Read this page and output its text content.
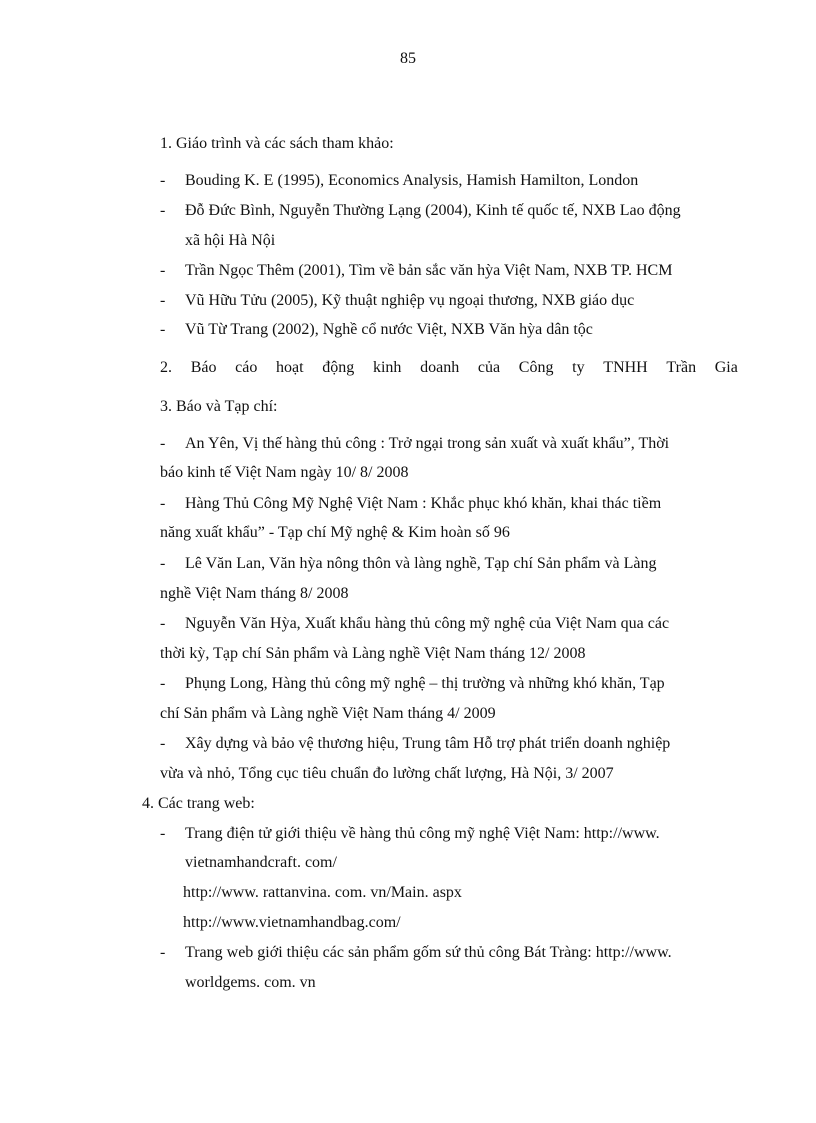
85
1. Giáo trình và các sách tham khảo:
- Bouding K. E (1995), Economics Analysis, Hamish Hamilton, London
- Đỗ Đức Bình, Nguyễn Thường Lạng (2004), Kinh tế quốc tế, NXB Lao động
xã hội Hà Nội
- Trần Ngọc Thêm (2001), Tìm về bản sắc văn hỳa Việt Nam, NXB TP. HCM
- Vũ Hữu Tửu (2005), Kỹ thuật nghiệp vụ ngoại thương, NXB giáo dục
- Vũ Từ Trang (2002), Nghề cổ nước Việt, NXB Văn hỳa dân tộc
2. Báo cáo hoạt động kinh doanh của Công ty TNHH Trần Gia
3. Báo và Tạp chí:
- An Yên, Vị thế hàng thủ công : Trở ngại trong sản xuất và xuất khẩu”, Thời
báo kinh tế Việt Nam ngày 10/ 8/ 2008
- Hàng Thủ Công Mỹ Nghệ Việt Nam : Khắc phục khó khăn, khai thác tiềm
năng xuất khẩu” - Tạp chí Mỹ nghệ & Kim hoàn số 96
- Lê Văn Lan, Văn hỳa nông thôn và làng nghề, Tạp chí Sản phẩm và Làng
nghề Việt Nam tháng 8/ 2008
- Nguyễn Văn Hỳa, Xuất khẩu hàng thủ công mỹ nghệ của Việt Nam qua các
thời kỳ, Tạp chí Sản phẩm và Làng nghề Việt Nam tháng 12/ 2008
- Phụng Long, Hàng thủ công mỹ nghệ – thị trường và những khó khăn, Tạp
chí Sản phẩm và Làng nghề Việt Nam tháng 4/ 2009
- Xây dựng và bảo vệ thương hiệu, Trung tâm Hỗ trợ phát triển doanh nghiệp
vừa và nhỏ, Tổng cục tiêu chuẩn đo lường chất lượng, Hà Nội, 3/ 2007
4. Các trang web:
- Trang điện tử giới thiệu về hàng thủ công mỹ nghệ Việt Nam: http://www.
vietnamhandcraft. com/
http://www. rattanvina. com. vn/Main. aspx
http://www.vietnamhandbag.com/
- Trang web giới thiệu các sản phẩm gốm sứ thủ công Bát Tràng: http://www.
worldgems. com. vn
